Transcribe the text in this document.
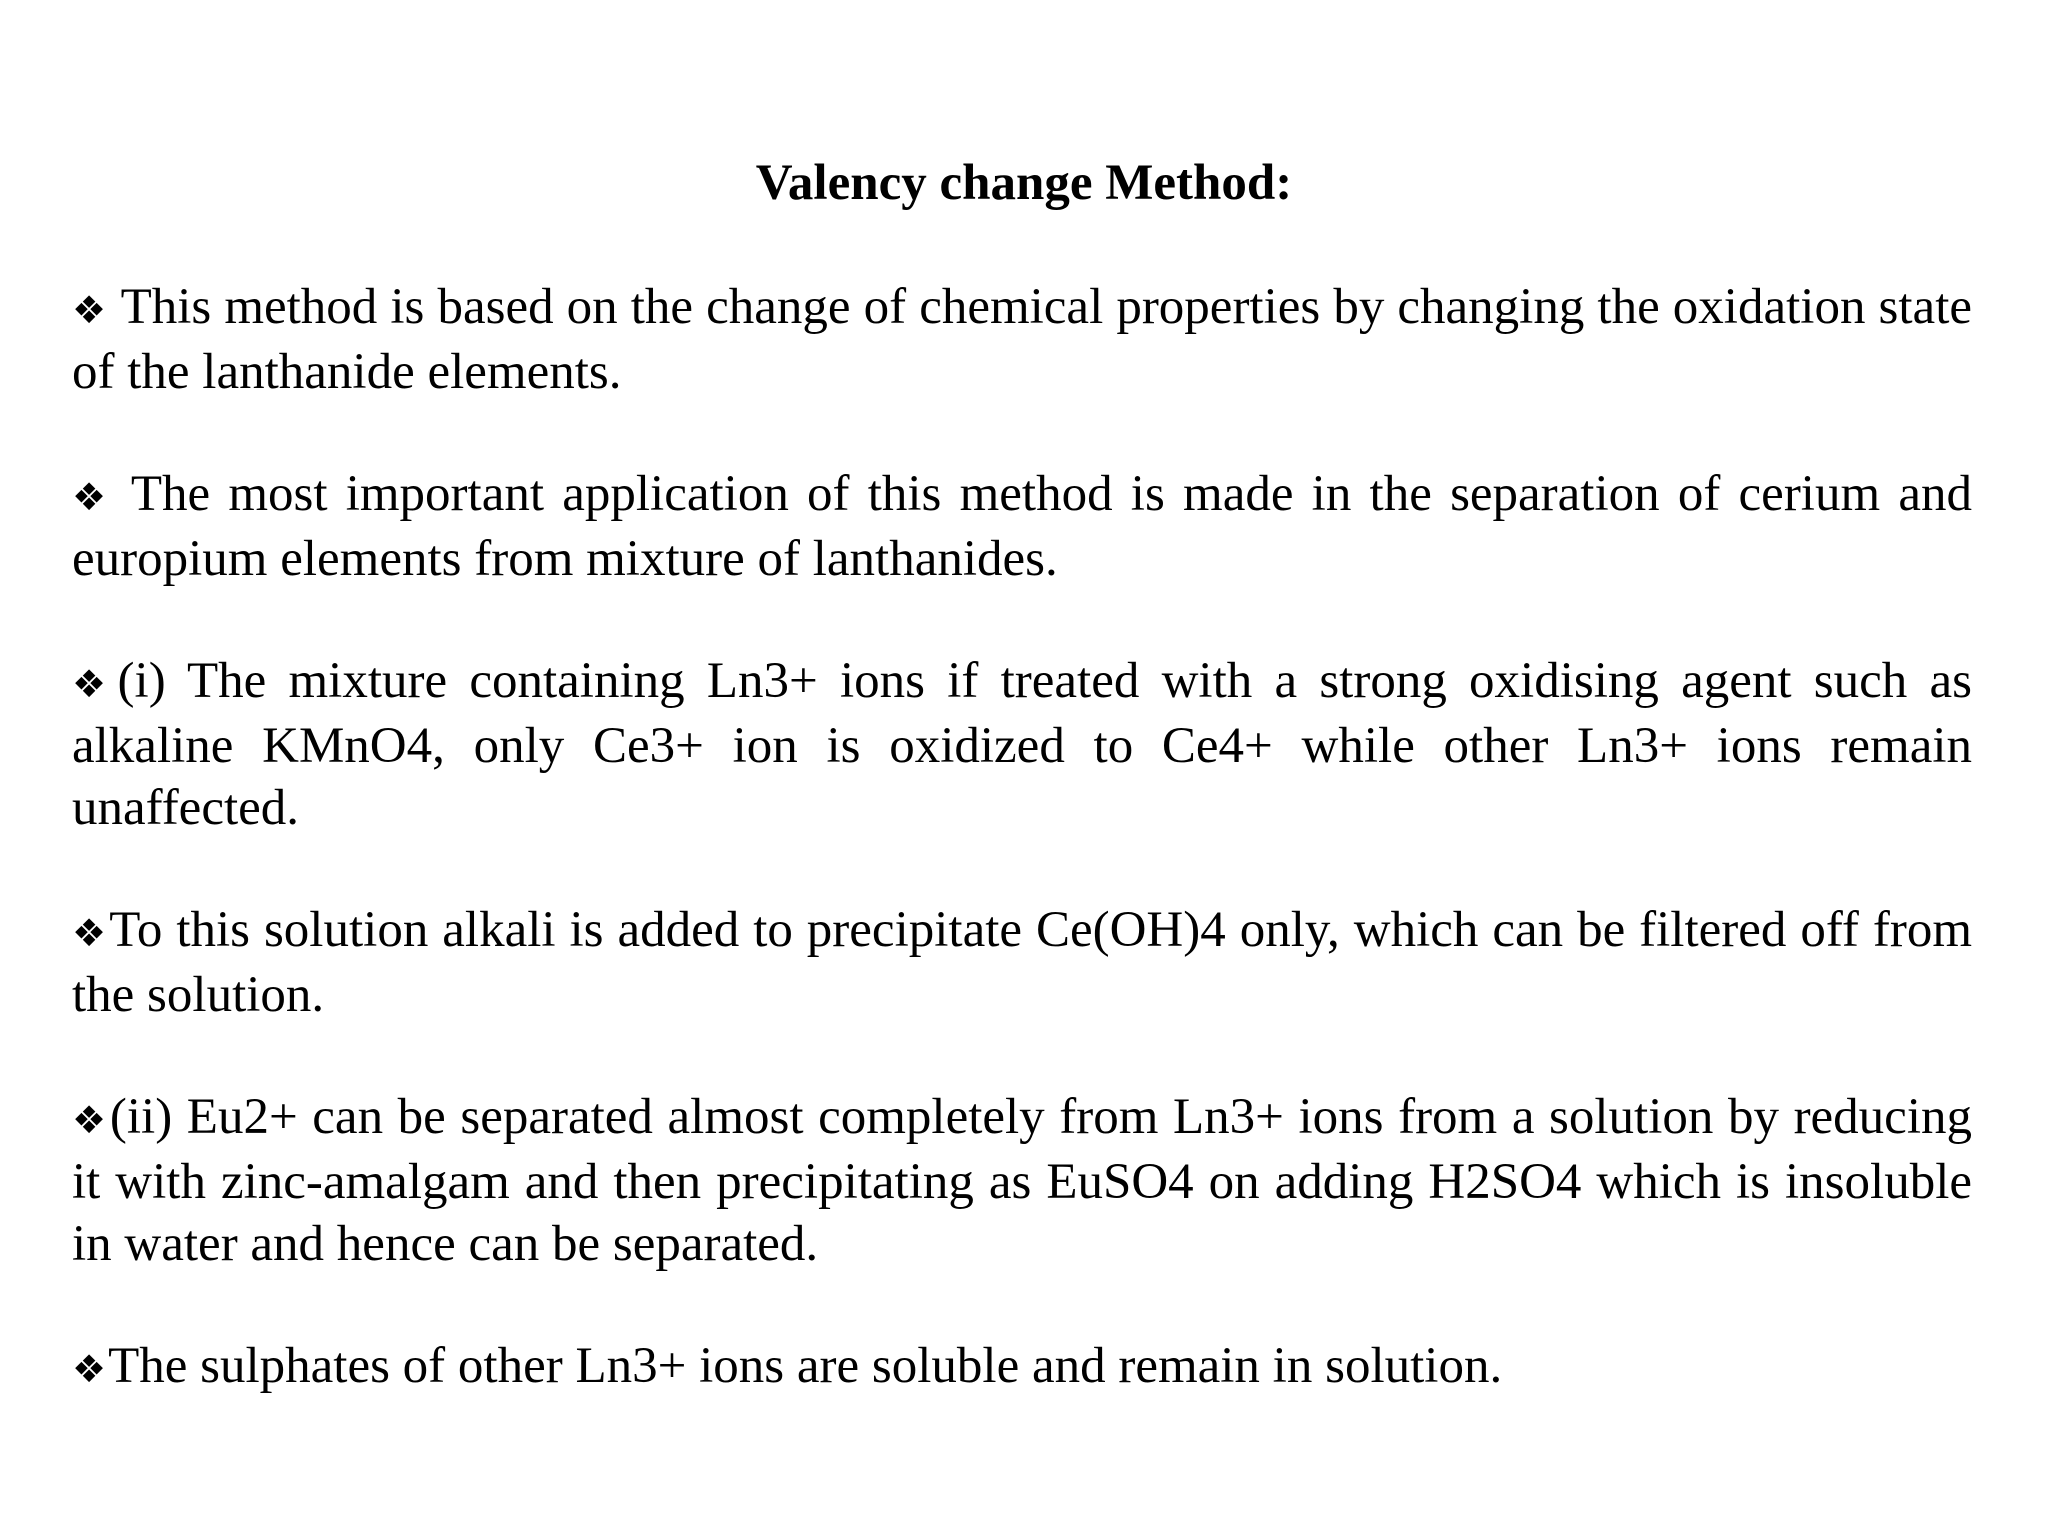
Valency change Method:

❖ This method is based on the change of chemical properties by changing the oxidation state of the lanthanide elements.

❖ The most important application of this method is made in the separation of cerium and europium elements from mixture of lanthanides.

❖(i) The mixture containing Ln3+ ions if treated with a strong oxidising agent such as alkaline KMnO4, only Ce3+ ion is oxidized to Ce4+ while other Ln3+ ions remain unaffected.

❖To this solution alkali is added to precipitate Ce(OH)4 only, which can be filtered off from the solution.

❖(ii) Eu2+ can be separated almost completely from Ln3+ ions from a solution by reducing it with zinc-amalgam and then precipitating as EuSO4 on adding H2SO4 which is insoluble in water and hence can be separated.

❖The sulphates of other Ln3+ ions are soluble and remain in solution.
